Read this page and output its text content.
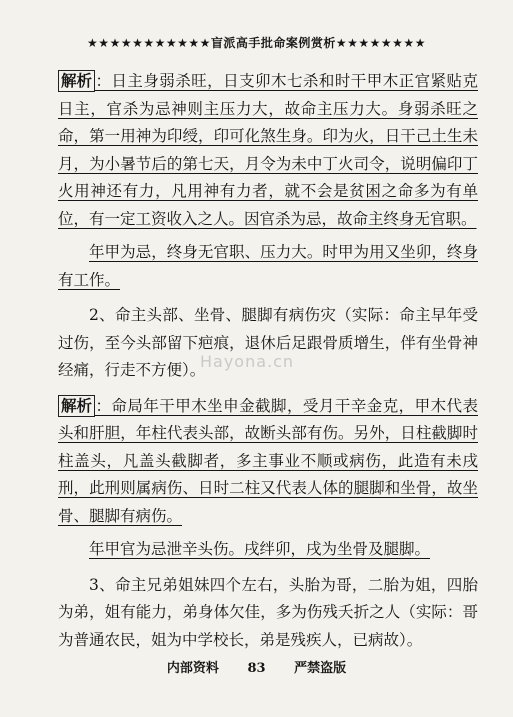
★★★★★★★★★★★盲派高手批命案例赏析★★★★★★★★

解析 ：日主身弱杀旺，日支卯木七杀和时干甲木正官紧贴克日主，官杀为忌神则主压力大，故命主压力大。身弱杀旺之命，第一用神为印绶，印可化煞生身。印为火，日干己土生未月，为小暑节后的第七天，月令为未中丁火司令，说明偏印丁火用神还有力，凡用神有力者，就不会是贫困之命多为有单位，有一定工资收入之人。因官杀为忌，故命主终身无官职。

年甲为忌，终身无官职、压力大。时甲为用又坐卯，终身有工作。

2、命主头部、坐骨、腿脚有病伤灾（实际：命主早年受过伤，至今头部留下疤痕，退休后足跟骨质增生，伴有坐骨神经痛，行走不方便）。

解析 ：命局年干甲木坐申金截脚，受月干辛金克，甲木代表头和肝胆，年柱代表头部，故断头部有伤。另外，日柱截脚时柱盖头，凡盖头截脚者，多主事业不顺或病伤，此造有未戌刑，此刑则属病伤、日时二柱又代表人体的腿脚和坐骨，故坐骨、腿脚有病伤。

年甲官为忌泄辛头伤。戌绊卯，戌为坐骨及腿脚。

3、命主兄弟姐妹四个左右，头胎为哥，二胎为姐，四胎为弟，姐有能力，弟身体欠佳，多为伤残夭折之人（实际：哥为普通农民，姐为中学校长，弟是残疾人，已病故）。

Hayona.cn
内部资料 83 严禁盗版
